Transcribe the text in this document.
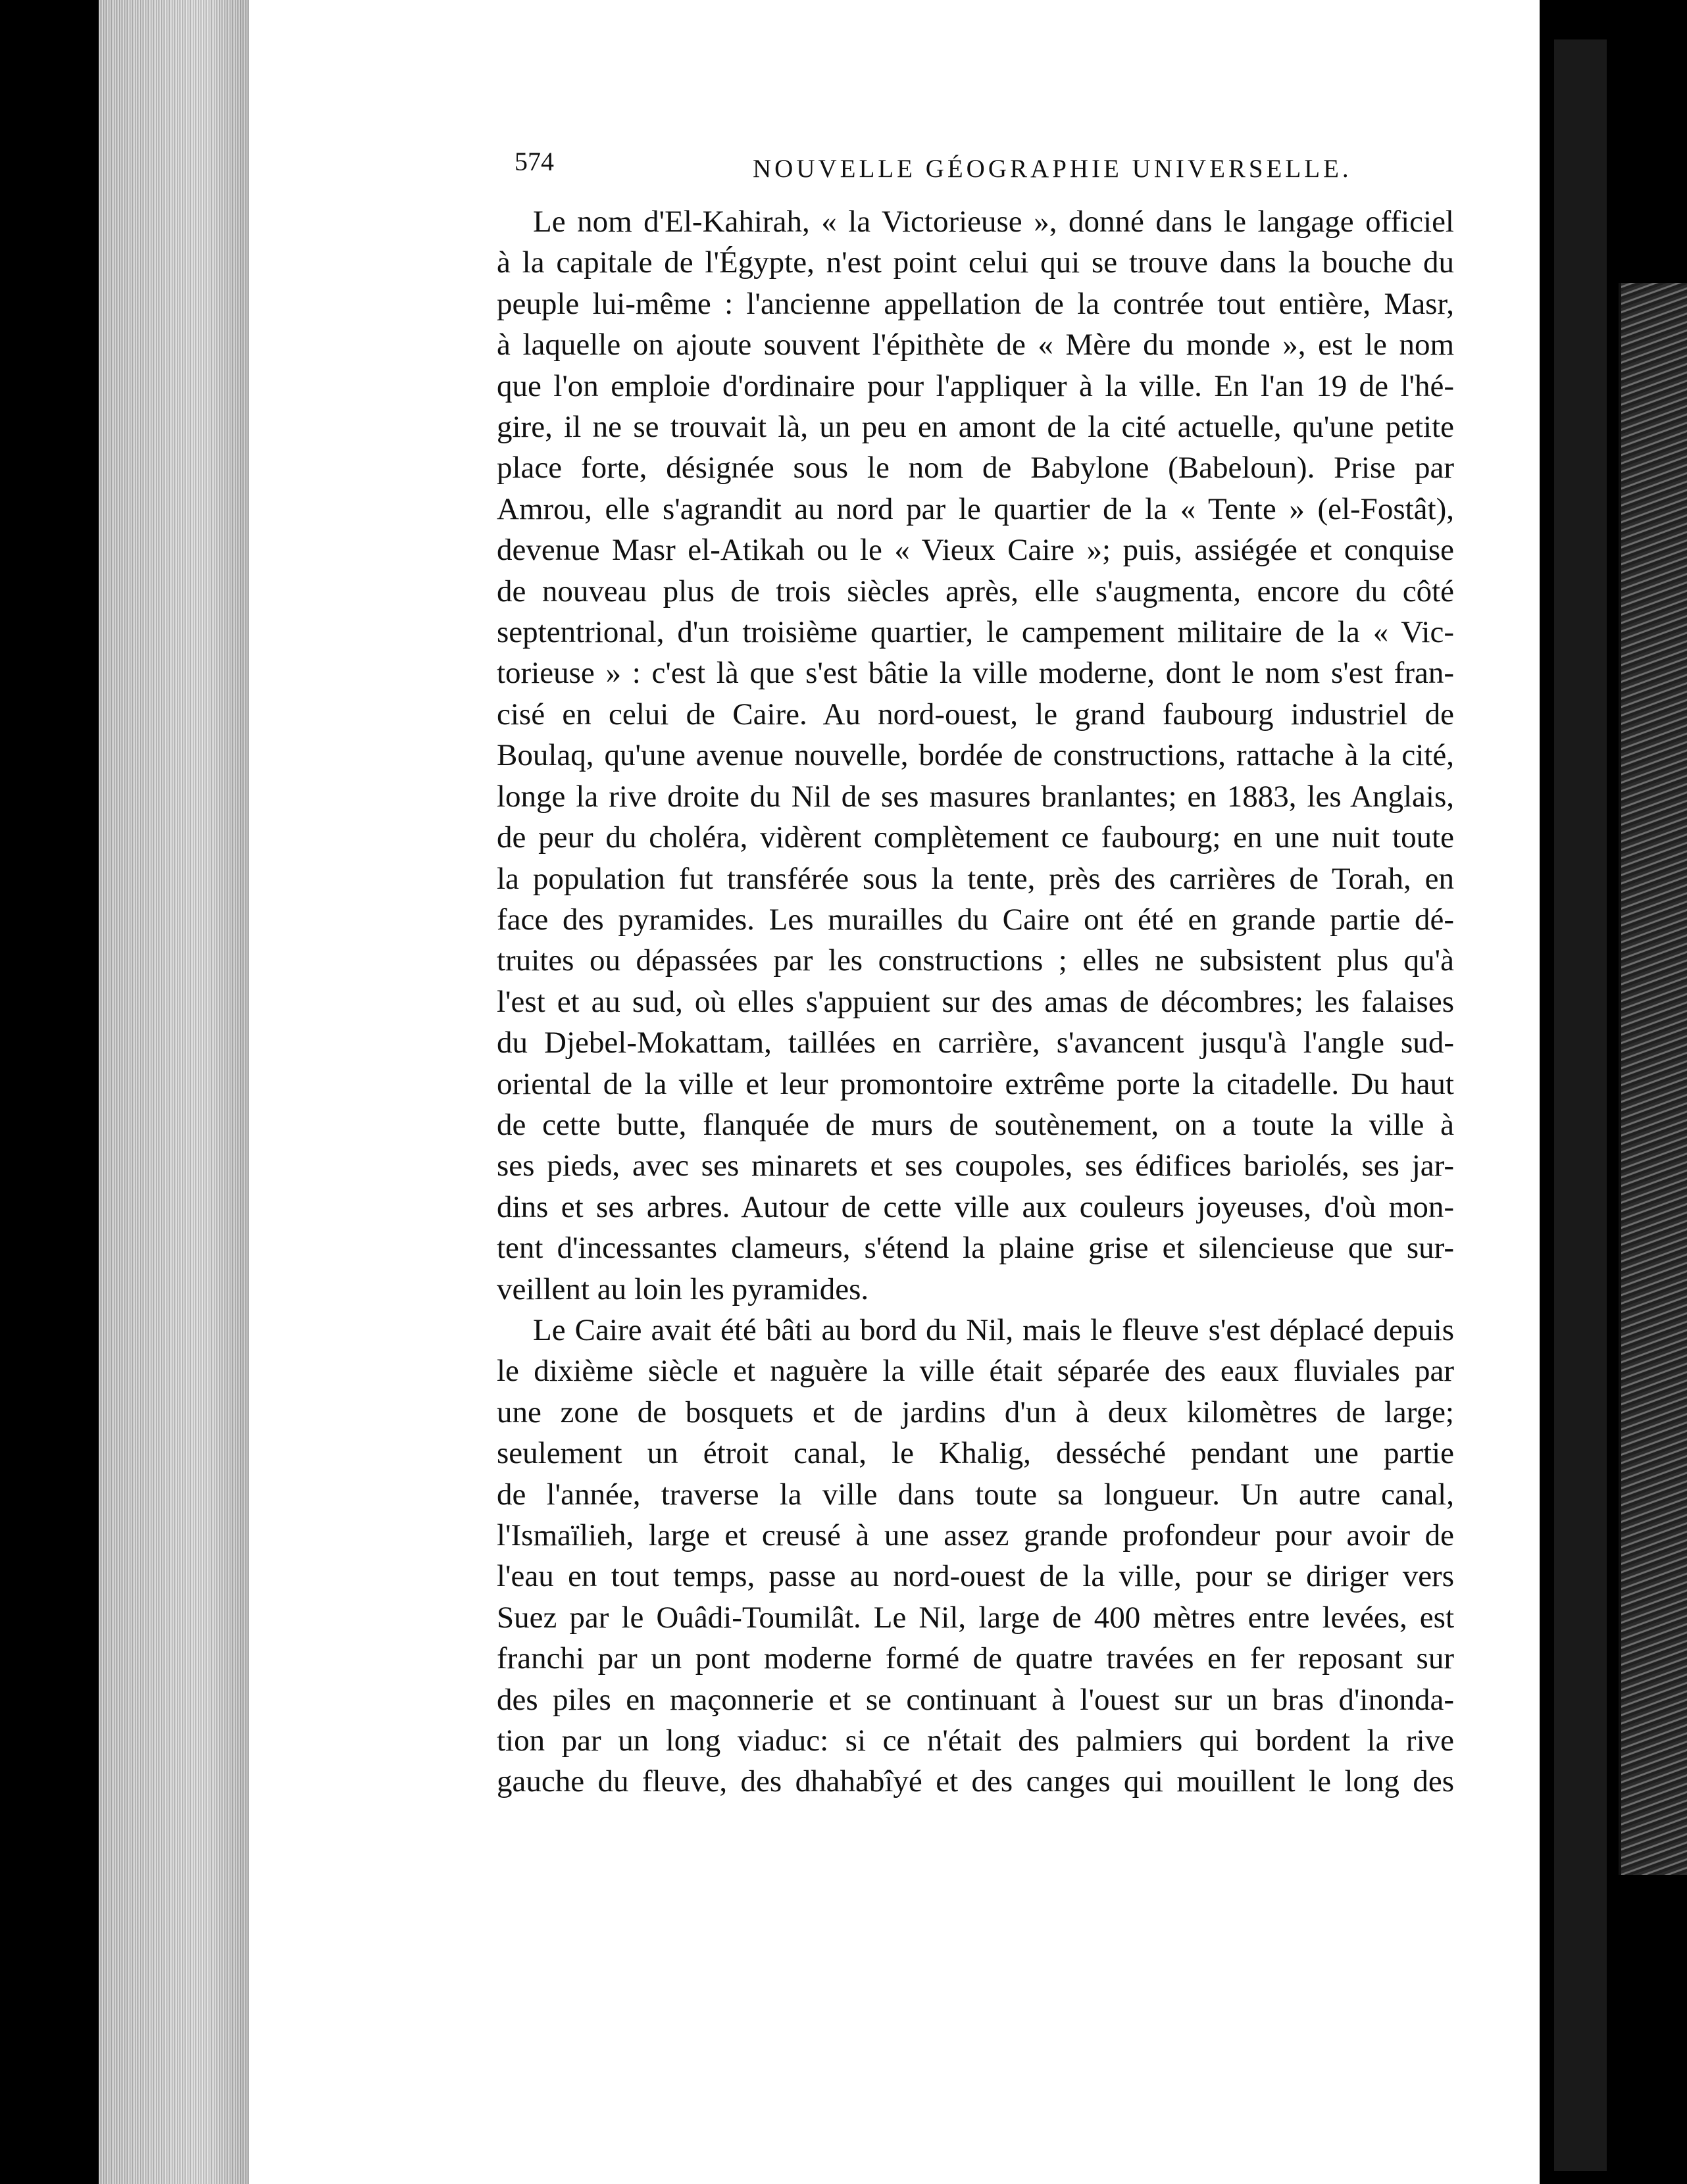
574	NOUVELLE GÉOGRAPHIE UNIVERSELLE.

Le nom d'El-Kahirah, « la Victorieuse », donné dans le langage officiel

à la capitale de l'Égypte, n'est point celui qui se trouve dans la bouche du

peuple lui-même : l'ancienne appellation de la contrée tout entière, Masr,

à laquelle on ajoute souvent l'épithète de « Mère du monde », est le nom

que l'on emploie d'ordinaire pour l'appliquer à la ville. En l'an 19 de l'hé-

gire, il ne se trouvait là, un peu en amont de la cité actuelle, qu'une petite

place forte, désignée sous le nom de Babylone (Babeloun). Prise par

Amrou, elle s'agrandit au nord par le quartier de la « Tente » (el-Fostât),

devenue Masr el-Atikah ou le « Vieux Caire »; puis, assiégée et conquise

de nouveau plus de trois siècles après, elle s'augmenta, encore du côté

septentrional, d'un troisième quartier, le campement militaire de la « Vic-

torieuse » : c'est là que s'est bâtie la ville moderne, dont le nom s'est fran-

cisé en celui de Caire. Au nord-ouest, le grand faubourg industriel de

Boulaq, qu'une avenue nouvelle, bordée de constructions, rattache à la cité,

longe la rive droite du Nil de ses masures branlantes; en 1883, les Anglais,

de peur du choléra, vidèrent complètement ce faubourg; en une nuit toute

la population fut transférée sous la tente, près des carrières de Torah, en

face des pyramides. Les murailles du Caire ont été en grande partie dé-

truites ou dépassées par les constructions ; elles ne subsistent plus qu'à

l'est et au sud, où elles s'appuient sur des amas de décombres; les falaises

du Djebel-Mokattam, taillées en carrière, s'avancent jusqu'à l'angle sud-

oriental de la ville et leur promontoire extrême porte la citadelle. Du haut

de cette butte, flanquée de murs de soutènement, on a toute la ville à

ses pieds, avec ses minarets et ses coupoles, ses édifices bariolés, ses jar-

dins et ses arbres. Autour de cette ville aux couleurs joyeuses, d'où mon-

tent d'incessantes clameurs, s'étend la plaine grise et silencieuse que sur-

veillent au loin les pyramides.

Le Caire avait été bâti au bord du Nil, mais le fleuve s'est déplacé depuis

le dixième siècle et naguère la ville était séparée des eaux fluviales par

une zone de bosquets et de jardins d'un à deux kilomètres de large;

seulement un étroit canal, le Khalig, desséché pendant une partie

de l'année, traverse la ville dans toute sa longueur. Un autre canal,

l'Ismaïlieh, large et creusé à une assez grande profondeur pour avoir de

l'eau en tout temps, passe au nord-ouest de la ville, pour se diriger vers

Suez par le Ouâdi-Toumilât. Le Nil, large de 400 mètres entre levées, est

franchi par un pont moderne formé de quatre travées en fer reposant sur

des piles en maçonnerie et se continuant à l'ouest sur un bras d'inonda-

tion par un long viaduc: si ce n'était des palmiers qui bordent la rive

gauche du fleuve, des dhahabîyé et des canges qui mouillent le long des
